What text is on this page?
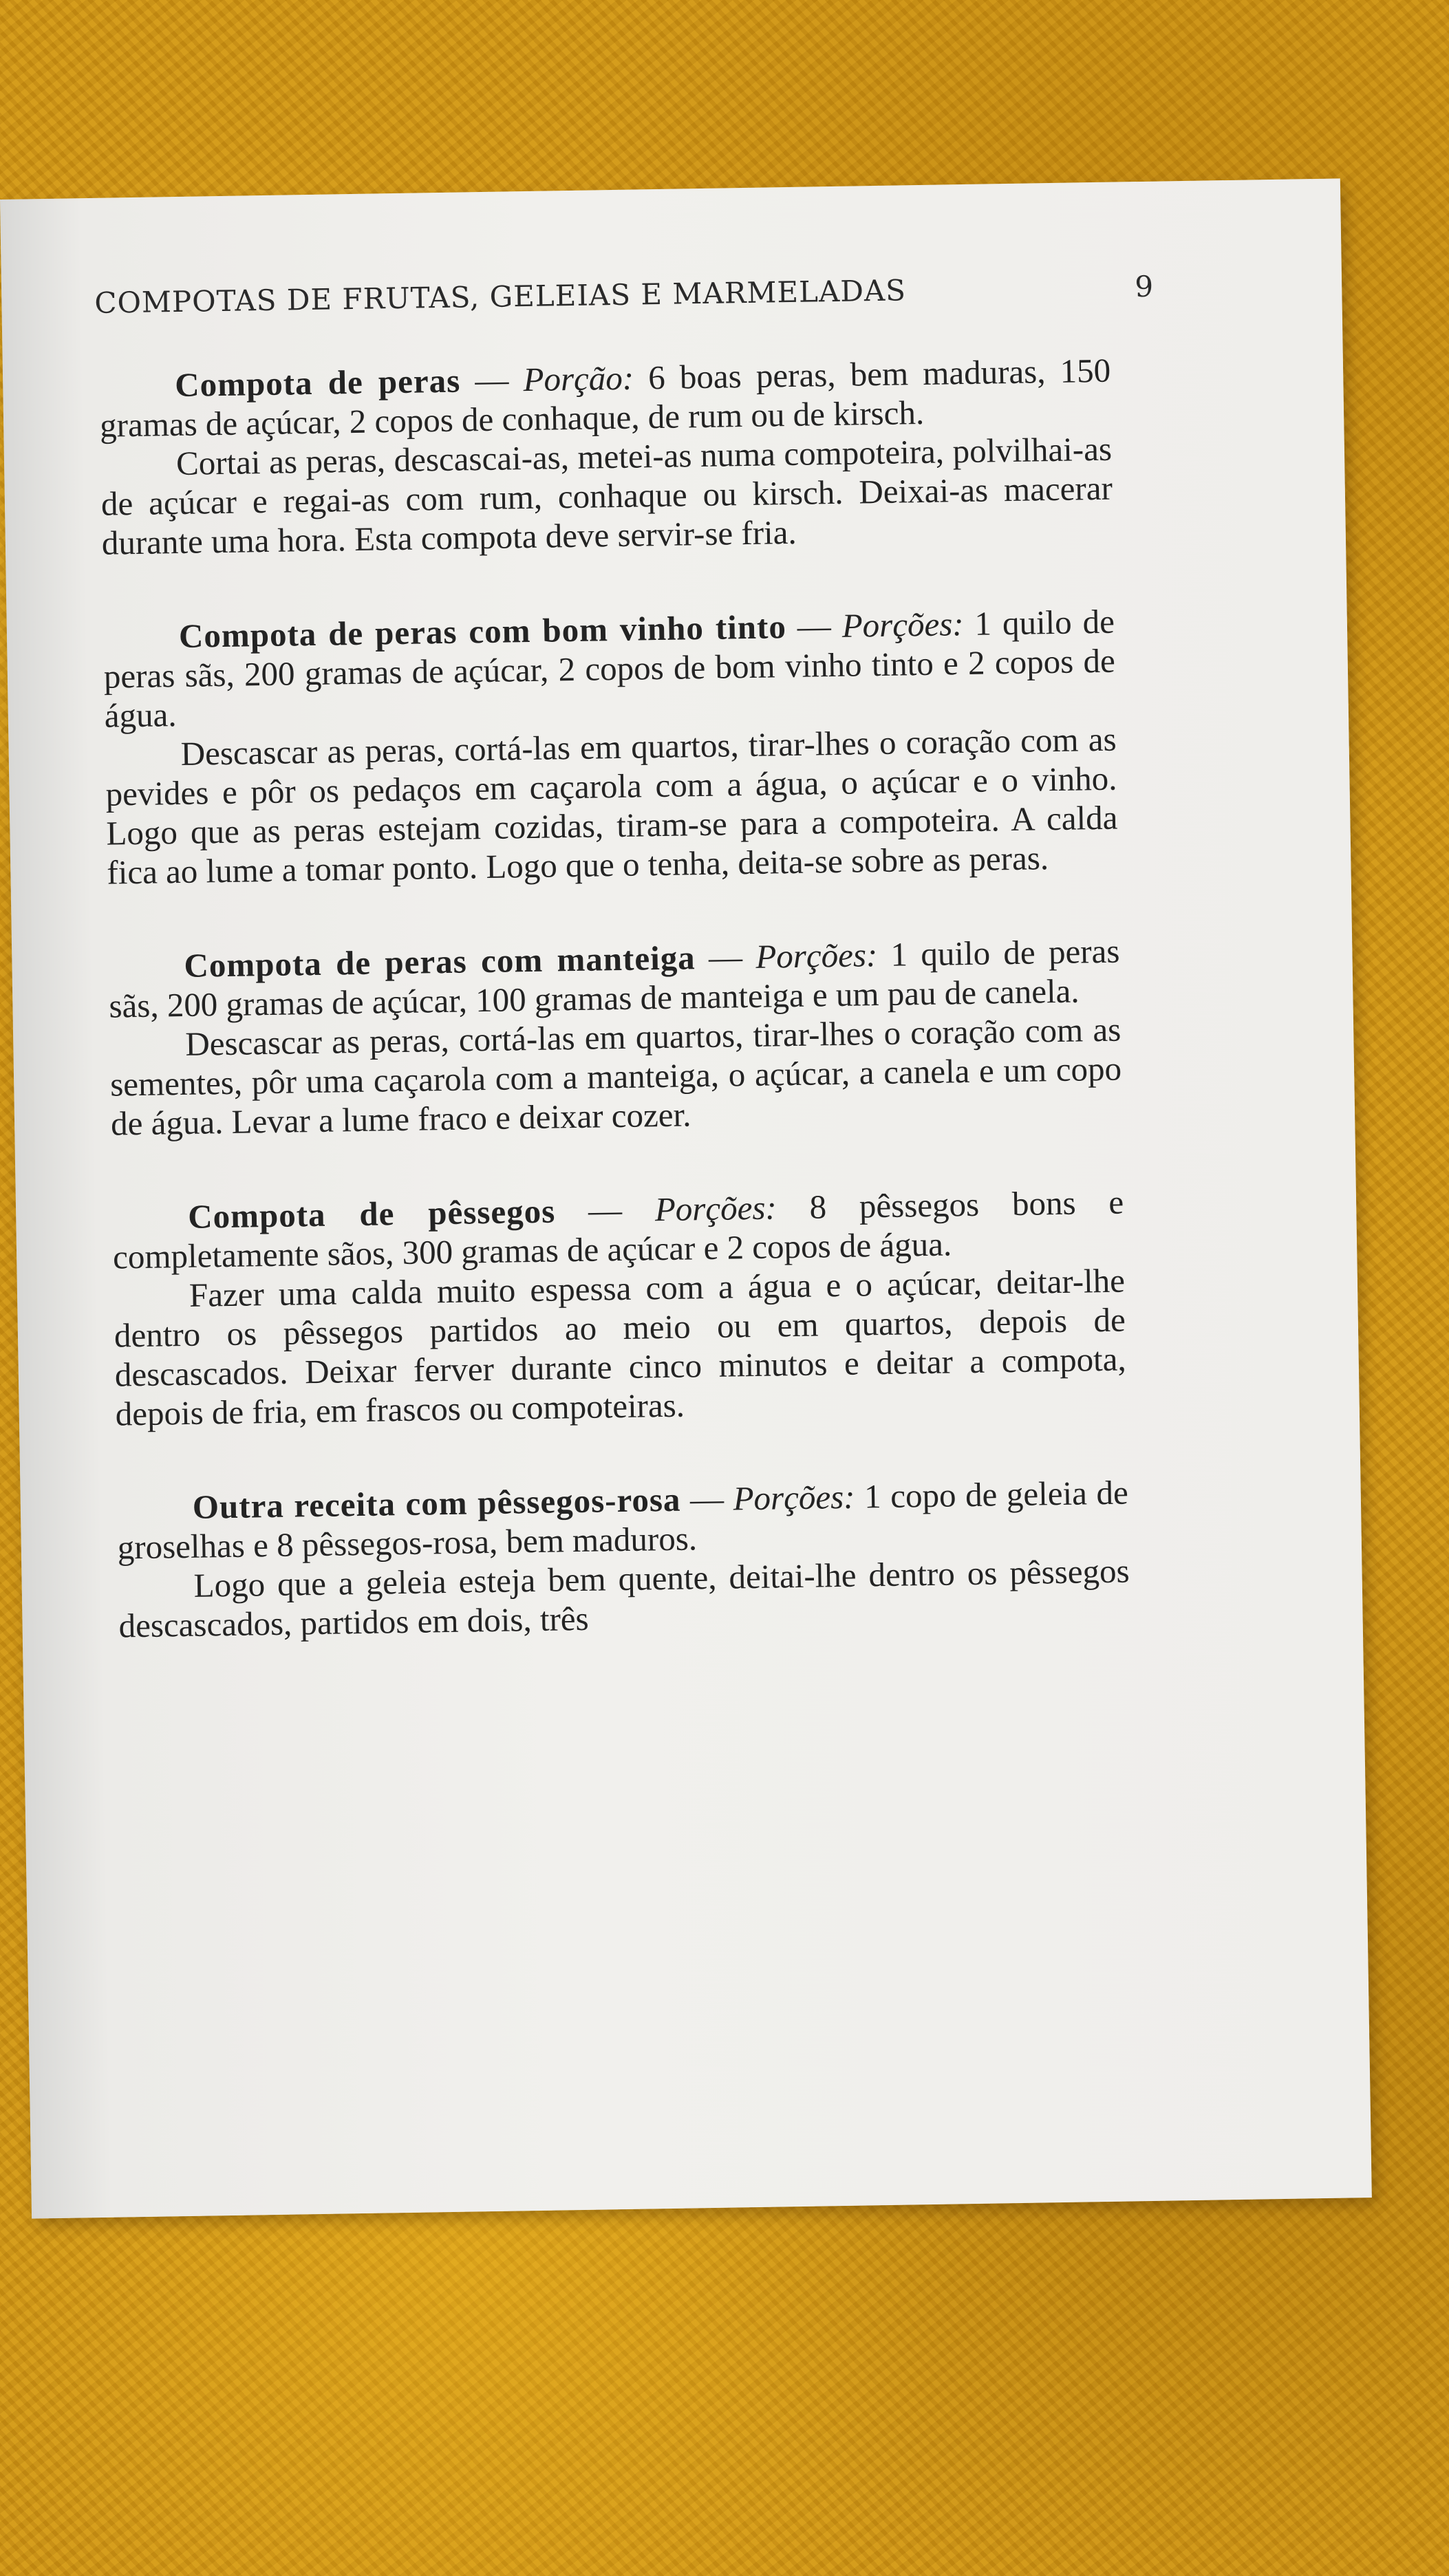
COMPOTAS DE FRUTAS, GELEIAS E MARMELADAS	9

Compota de peras — Porção: 6 boas peras, bem maduras, 150 gramas de açúcar, 2 copos de conhaque, de rum ou de kirsch.

Cortai as peras, descascai-as, metei-as numa compoteira, polvilhai-as de açúcar e regai-as com rum, conhaque ou kirsch. Deixai-as macerar durante uma hora. Esta compota deve servir-se fria.

Compota de peras com bom vinho tinto — Porções: 1 quilo de peras sãs, 200 gramas de açúcar, 2 copos de bom vinho tinto e 2 copos de água.

Descascar as peras, cortá-las em quartos, tirar-lhes o coração com as pevides e pôr os pedaços em caçarola com a água, o açúcar e o vinho. Logo que as peras estejam cozidas, tiram-se para a compoteira. A calda fica ao lume a tomar ponto. Logo que o tenha, deita-se sobre as peras.

Compota de peras com manteiga — Porções: 1 quilo de peras sãs, 200 gramas de açúcar, 100 gramas de manteiga e um pau de canela.

Descascar as peras, cortá-las em quartos, tirar-lhes o coração com as sementes, pôr uma caçarola com a manteiga, o açúcar, a canela e um copo de água. Levar a lume fraco e deixar cozer.

Compota de pêssegos — Porções: 8 pêssegos bons e completamente sãos, 300 gramas de açúcar e 2 copos de água.

Fazer uma calda muito espessa com a água e o açúcar, deitar-lhe dentro os pêssegos partidos ao meio ou em quartos, depois de descascados. Deixar ferver durante cinco minutos e deitar a compota, depois de fria, em frascos ou compoteiras.

Outra receita com pêssegos-rosa — Porções: 1 copo de geleia de groselhas e 8 pêssegos-rosa, bem maduros.

Logo que a geleia esteja bem quente, deitai-lhe dentro os pêssegos descascados, partidos em dois, três
